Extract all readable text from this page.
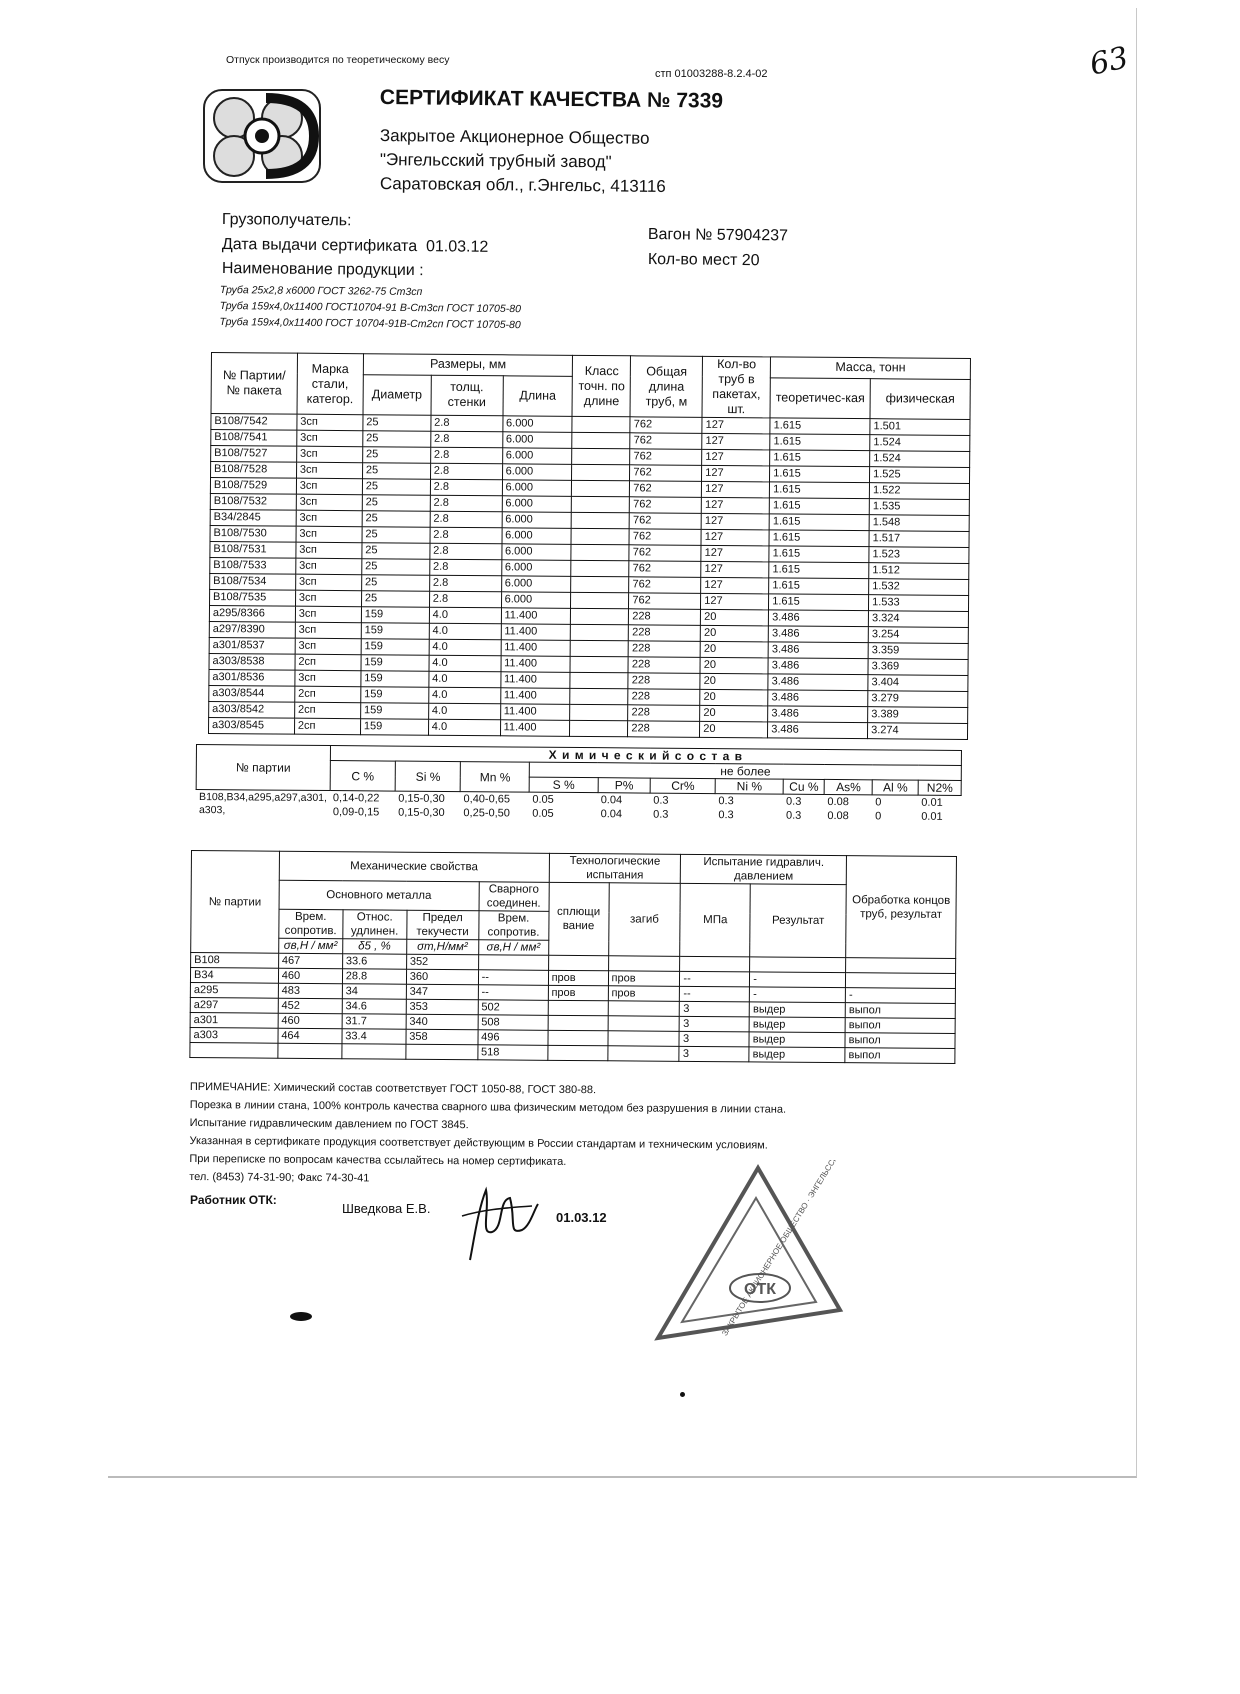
Отпуск производится по теоретическому весу
стп 01003288-8.2.4-02	63
СЕРТИФИКАТ КАЧЕСТВА № 7339
Закрытое Акционерное Общество
"Энгельсский трубный завод"
Саратовская обл., г.Энгельс, 413116
Грузополучатель:
Дата выдачи сертификата 01.03.12
Наименование продукции :
Вагон № 57904237
Кол-во мест 20
Труба 25х2,8 х6000 ГОСТ 3262-75 Ст3сп
Труба 159х4,0х11400 ГОСТ10704-91 В-Ст3сп ГОСТ 10705-80
Труба 159х4,0х11400 ГОСТ 10704-91В-Ст2сп ГОСТ 10705-80
№ Партии/ № пакета	Марка стали, категор.	Размеры, мм			Класс точн. по длине	Общая длина труб, м	Кол-во труб в пакетах, шт.	Масса, тонн	
		Диаметр	толщ. стенки	Длина				теоретичес-кая	физическая
В108/7542	3сп	25	2.8	6.000		762	127	1.615	1.501
В108/7541	3сп	25	2.8	6.000		762	127	1.615	1.524
В108/7527	3сп	25	2.8	6.000		762	127	1.615	1.524
В108/7528	3сп	25	2.8	6.000		762	127	1.615	1.525
В108/7529	3сп	25	2.8	6.000		762	127	1.615	1.522
В108/7532	3сп	25	2.8	6.000		762	127	1.615	1.535
В34/2845	3сп	25	2.8	6.000		762	127	1.615	1.548
В108/7530	3сп	25	2.8	6.000		762	127	1.615	1.517
В108/7531	3сп	25	2.8	6.000		762	127	1.615	1.523
В108/7533	3сп	25	2.8	6.000		762	127	1.615	1.512
В108/7534	3сп	25	2.8	6.000		762	127	1.615	1.532
В108/7535	3сп	25	2.8	6.000		762	127	1.615	1.533
а295/8366	3сп	159	4.0	11.400		228	20	3.486	3.324
а297/8390	3сп	159	4.0	11.400		228	20	3.486	3.254
а301/8537	3сп	159	4.0	11.400		228	20	3.486	3.359
а303/8538	2сп	159	4.0	11.400		228	20	3.486	3.369
а301/8536	3сп	159	4.0	11.400		228	20	3.486	3.404
а303/8544	2сп	159	4.0	11.400		228	20	3.486	3.279
а303/8542	2сп	159	4.0	11.400		228	20	3.486	3.389
а303/8545	2сп	159	4.0	11.400		228	20	3.486	3.274
№ партии	Х и м и ч е с к и й с о с т а в										
	C %	Si %	Mn %	не более							
				S %	P%	Cr%	Ni %	Cu %	As%	Al %	N2%
В108,В34,а295,а297,а301, а303,	0,14-0,22	0,15-0,30	0,40-0,65	0.05	0.04	0.3	0.3	0.3	0.08	0	0.01
	0,09-0,15	0,15-0,30	0,25-0,50	0.05	0.04	0.3	0.3	0.3	0.08	0	0.01
№ партии	Механические свойства				Технологические испытания		Испытание гидравлич. давлением		Обработка концов труб, результат
	Основного металла			Сварного соединен.	сплющи вание	загиб	МПа	Результат	
	Врем. сопротив.	Относ. удлинен.	Предел текучести	Врем. сопротив.					
	σв,Н / мм²	δ5 , %	σт,Н/мм²	σв,Н / мм²					
В108	467	33.6	352						
В34	460	28.8	360	--	пров	пров	--	-	
а295	483	34	347	--	пров	пров	--	-	-
а297	452	34.6	353	502			3	выдер	выпол
а301	460	31.7	340	508			3	выдер	выпол
а303	464	33.4	358	496			3	выдер	выпол
				518			3	выдер	выпол
ПРИМЕЧАНИЕ: Химический состав соответствует ГОСТ 1050-88, ГОСТ 380-88.
Порезка в линии стана, 100% контроль качества сварного шва физическим методом без разрушения в линии стана.
Испытание гидравлическим давлением по ГОСТ 3845.
Указанная в сертификате продукция соответствует действующим в России стандартам и техническим условиям.
При переписке по вопросам качества ссылайтесь на номер сертификата.
тел. (8453) 74-31-90; Факс 74-30-41
Работник ОТК:
Шведкова Е.В.
01.03.12
ОТК
ЗАКРЫТОЕ АКЦИОНЕРНОЕ ОБЩЕСТВО · ЭНГЕЛЬССКИЙ
